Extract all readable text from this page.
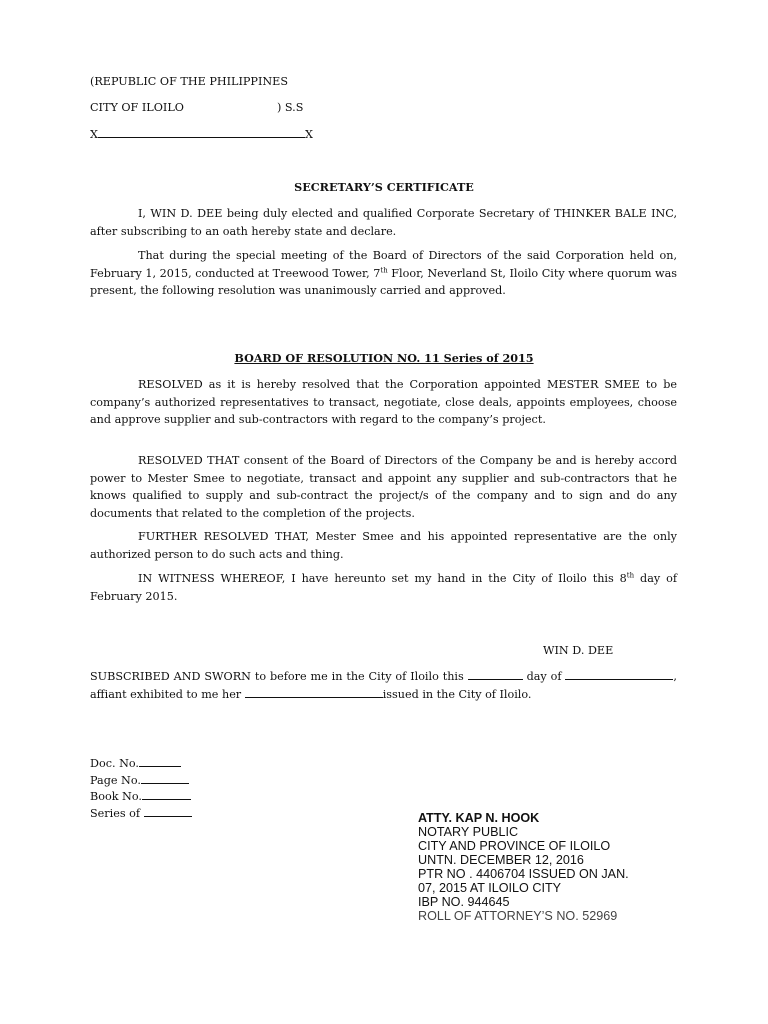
(REPUBLIC OF THE PHILIPPINES
CITY OF ILOILO	) S.S
X	X
SECRETARY’S CERTIFICATE
I, WIN D. DEE being duly elected and qualified Corporate Secretary of THINKER BALE INC, after subscribing to an oath hereby state and declare.
That during the special meeting of the Board of Directors of the said Corporation held on, February 1, 2015, conducted at Treewood Tower, 7th Floor, Neverland St, Iloilo City where quorum was present, the following resolution was unanimously carried and approved.
BOARD OF RESOLUTION NO. 11 Series of 2015
RESOLVED as it is hereby resolved that the Corporation appointed MESTER SMEE to be company’s authorized representatives to transact, negotiate, close deals, appoints employees, choose and approve supplier and sub-contractors with regard to the company’s project.
RESOLVED THAT consent of the Board of Directors of the Company be and is hereby accord power to Mester Smee to negotiate, transact and appoint any supplier and sub-contractors that he knows qualified to supply and sub-contract the project/s of the company and to sign and do any documents that related to the completion of the projects.
FURTHER RESOLVED THAT, Mester Smee and his appointed representative are the only authorized person to do such acts and thing.
IN WITNESS WHEREOF, I have hereunto set my hand in the City of Iloilo this 8th day of February 2015.
WIN D. DEE
SUBSCRIBED AND SWORN to before me in the City of Iloilo this	day of	, affiant exhibited to me her	issued in the City of Iloilo.
Doc. No.
Page No.
Book No.
Series of	ATTY. KAP N. HOOK
NOTARY PUBLIC
CITY AND PROVINCE OF ILOILO
UNTN. DECEMBER 12, 2016
PTR NO . 4406704 ISSUED ON JAN.
07, 2015 AT ILOILO CITY
IBP NO. 944645
ROLL OF ATTORNEY’S NO. 52969
